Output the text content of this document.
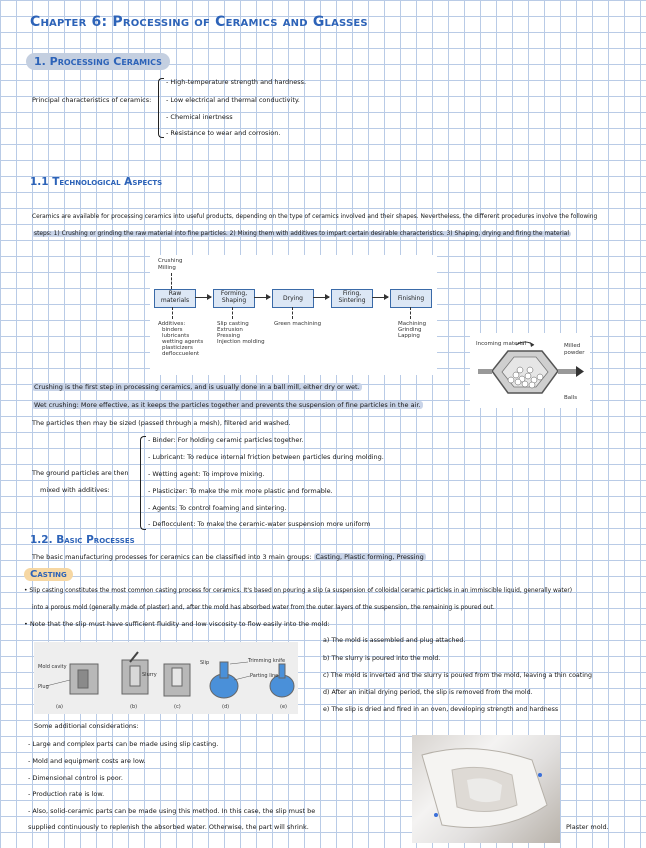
Chapter 6: Processing of Ceramics and Glasses
1. Processing Ceramics
Principal characteristics of ceramics:
- High-temperature strength and hardness.
- Low electrical and thermal conductivity.
- Chemical inertness
- Resistance to wear and corrosion.
1.1 Technological Aspects
Ceramics are available for processing ceramics into useful products, depending on the type of ceramics involved and their shapes. Nevertheless, the different procedures involve the following
steps: 1) Crushing or grinding the raw material into fine particles. 2) Mixing them with additives to impart certain desirable characteristics. 3) Shaping, drying and firing the material
Crushing
Milling
Raw materials
Forming, Shaping	Drying
Firing, Sintering	Finishing
Additives:
binders
lubricants
wetting agents
plasticizers
defloccuelent
Slip casting
Extrusion
Pressing
Injection molding
Green machining	Machining
Grinding
Lapping
Incoming material	Milled powder
Balls
Crushing is the first step in processing ceramics, and is usually done in a ball mill, either dry or wet.
Wet crushing: More effective, as it keeps the particles together and prevents the suspension of fine particles in the air.
The particles then may be sized (passed through a mesh), filtered and washed.
The ground particles are then
mixed with additives:
- Binder: For holding ceramic particles together.
- Lubricant: To reduce internal friction between particles during molding.
- Wetting agent: To improve mixing.
- Plasticizer: To make the mix more plastic and formable.
- Agents: To control foaming and sintering.
- Deflocculent: To make the ceramic-water suspension more uniform
1.2. Basic Processes
The basic manufacturing processes for ceramics can be classified into 3 main groups: Casting, Plastic forming, Pressing
Casting
• Slip casting constitutes the most common casting process for ceramics. It's based on pouring a slip (a suspension of colloidal ceramic particles in an immiscible liquid, generally water)
into a porous mold (generally made of plaster) and, after the mold has absorbed water from the outer layers of the suspension, the remaining is poured out.
• Note that the slip must have sufficient fluidity and low viscosity to flow easily into the mold:
a) The mold is assembled and plug attached.
b) The slurry is poured into the mold.
c) The mold is inverted and the slurry is poured from the mold, leaving a thin coating
d) After an initial drying period, the slip is removed from the mold.
e) The slip is dried and fired in an oven, developing strength and hardness
Mold cavity
Plug
Slurry
Slip	Trimming knife
Parting line
(a)	(b)	(c)	(d)	(e)
Some additional considerations:
- Large and complex parts can be made using slip casting.
- Mold and equipment costs are low.
- Dimensional control is poor.
- Production rate is low.
- Also, solid-ceramic parts can be made using this method. In this case, the slip must be
supplied continuously to replenish the absorbed water. Otherwise, the part will shrink.	Plaster mold.
